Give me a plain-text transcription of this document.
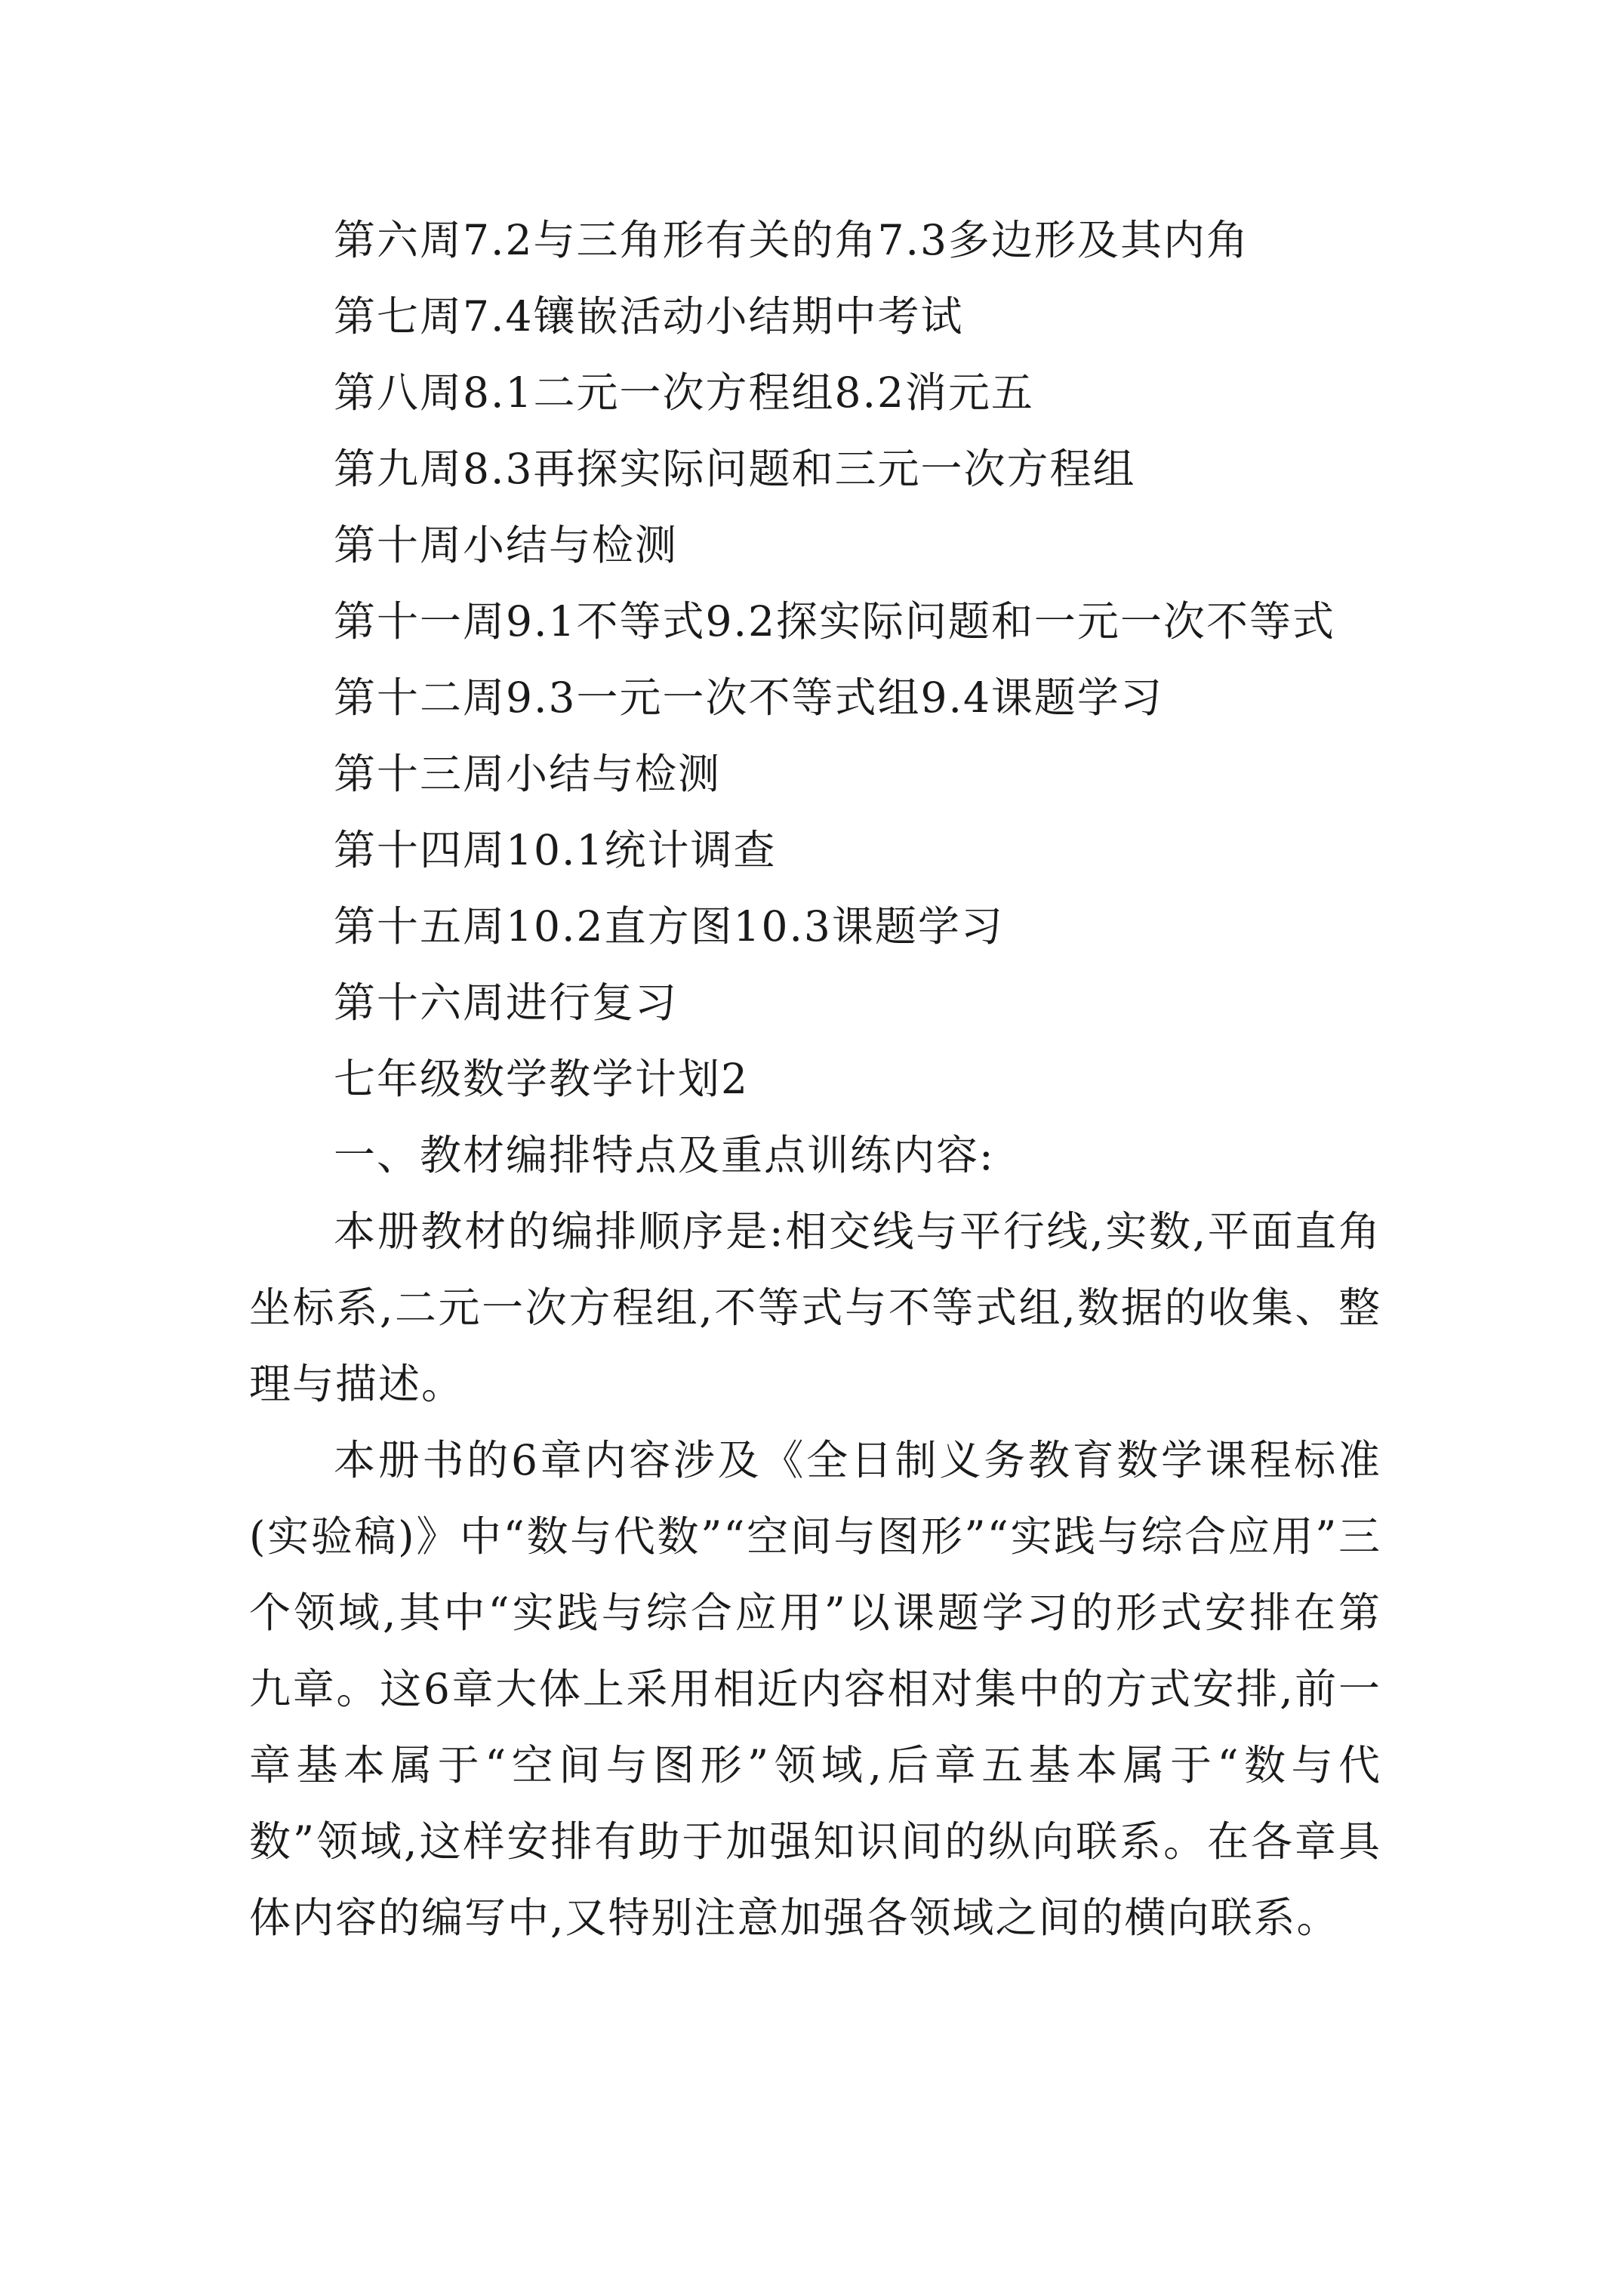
第六周7.2与三角形有关的角7.3多边形及其内角
第七周7.4镶嵌活动小结期中考试
第八周8.1二元一次方程组8.2消元五
第九周8.3再探实际问题和三元一次方程组
第十周小结与检测
第十一周9.1不等式9.2探实际问题和一元一次不等式
第十二周9.3一元一次不等式组9.4课题学习
第十三周小结与检测
第十四周10.1统计调查
第十五周10.2直方图10.3课题学习
第十六周进行复习
七年级数学教学计划2
一、教材编排特点及重点训练内容:

本册教材的编排顺序是:相交线与平行线,实数,平面直角坐标系,二元一次方程组,不等式与不等式组,数据的收集、整理与描述。

本册书的6章内容涉及《全日制义务教育数学课程标准(实验稿)》中“数与代数”“空间与图形”“实践与综合应用”三个领域,其中“实践与综合应用”以课题学习的形式安排在第九章。这6章大体上采用相近内容相对集中的方式安排,前一章基本属于“空间与图形”领域,后章五基本属于“数与代数”领域,这样安排有助于加强知识间的纵向联系。在各章具体内容的编写中,又特别注意加强各领域之间的横向联系。
